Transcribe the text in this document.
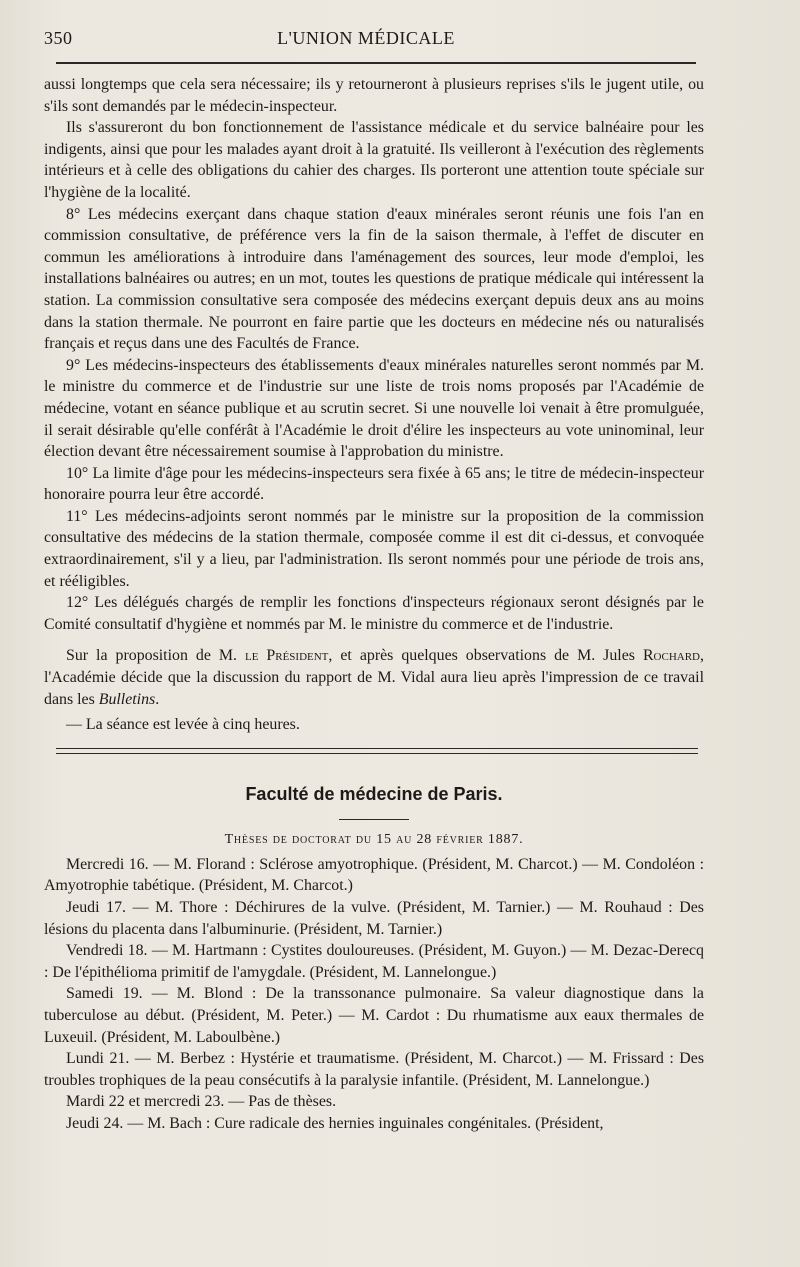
350	L'UNION MÉDICALE

aussi longtemps que cela sera nécessaire; ils y retourneront à plusieurs reprises s'ils le jugent utile, ou s'ils sont demandés par le médecin-inspecteur.

Ils s'assureront du bon fonctionnement de l'assistance médicale et du service balnéaire pour les indigents, ainsi que pour les malades ayant droit à la gratuité. Ils veilleront à l'exécution des règlements intérieurs et à celle des obligations du cahier des charges. Ils porteront une attention toute spéciale sur l'hygiène de la localité.

8° Les médecins exerçant dans chaque station d'eaux minérales seront réunis une fois l'an en commission consultative, de préférence vers la fin de la saison thermale, à l'effet de discuter en commun les améliorations à introduire dans l'aménagement des sources, leur mode d'emploi, les installations balnéaires ou autres; en un mot, toutes les questions de pratique médicale qui intéressent la station. La commission consultative sera composée des médecins exerçant depuis deux ans au moins dans la station thermale. Ne pourront en faire partie que les docteurs en médecine nés ou naturalisés français et reçus dans une des Facultés de France.

9° Les médecins-inspecteurs des établissements d'eaux minérales naturelles seront nommés par M. le ministre du commerce et de l'industrie sur une liste de trois noms proposés par l'Académie de médecine, votant en séance publique et au scrutin secret. Si une nouvelle loi venait à être promulguée, il serait désirable qu'elle conférât à l'Académie le droit d'élire les inspecteurs au vote uninominal, leur élection devant être nécessairement soumise à l'approbation du ministre.

10° La limite d'âge pour les médecins-inspecteurs sera fixée à 65 ans; le titre de médecin-inspecteur honoraire pourra leur être accordé.

11° Les médecins-adjoints seront nommés par le ministre sur la proposition de la commission consultative des médecins de la station thermale, composée comme il est dit ci-dessus, et convoquée extraordinairement, s'il y a lieu, par l'administration. Ils seront nommés pour une période de trois ans, et rééligibles.

12° Les délégués chargés de remplir les fonctions d'inspecteurs régionaux seront désignés par le Comité consultatif d'hygiène et nommés par M. le ministre du commerce et de l'industrie.

Sur la proposition de M. le Président, et après quelques observations de M. Jules Rochard, l'Académie décide que la discussion du rapport de M. Vidal aura lieu après l'impression de ce travail dans les Bulletins.

— La séance est levée à cinq heures.

Faculté de médecine de Paris.
Thèses de doctorat du 15 au 28 février 1887.

Mercredi 16. — M. Florand : Sclérose amyotrophique. (Président, M. Charcot.) — M. Condoléon : Amyotrophie tabétique. (Président, M. Charcot.)

Jeudi 17. — M. Thore : Déchirures de la vulve. (Président, M. Tarnier.) — M. Rouhaud : Des lésions du placenta dans l'albuminurie. (Président, M. Tarnier.)

Vendredi 18. — M. Hartmann : Cystites douloureuses. (Président, M. Guyon.) — M. Dezac-Derecq : De l'épithélioma primitif de l'amygdale. (Président, M. Lannelongue.)

Samedi 19. — M. Blond : De la transsonance pulmonaire. Sa valeur diagnostique dans la tuberculose au début. (Président, M. Peter.) — M. Cardot : Du rhumatisme aux eaux thermales de Luxeuil. (Président, M. Laboulbène.)

Lundi 21. — M. Berbez : Hystérie et traumatisme. (Président, M. Charcot.) — M. Frissard : Des troubles trophiques de la peau consécutifs à la paralysie infantile. (Président, M. Lannelongue.)

Mardi 22 et mercredi 23. — Pas de thèses.

Jeudi 24. — M. Bach : Cure radicale des hernies inguinales congénitales. (Président,
